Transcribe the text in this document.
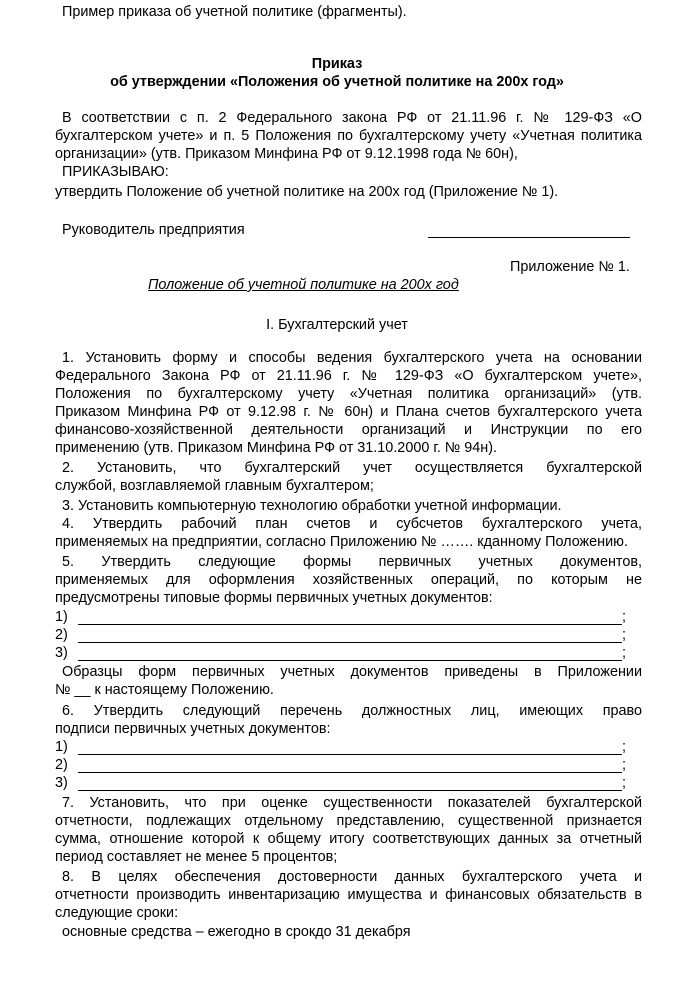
Пример приказа об учетной политике (фрагменты).
Приказ
об утверждении «Положения об учетной политике на 200х год»
В соответствии с п. 2 Федерального закона РФ от 21.11.96 г. № 129-ФЗ «О
бухгалтерском учете» и п. 5 Положения по бухгалтерскому учету «Учетная политика
организации» (утв. Приказом Минфина РФ от 9.12.1998 года № 60н),
ПРИКАЗЫВАЮ:
утвердить Положение об учетной политике на 200х год (Приложение № 1).
Руководитель предприятия
Приложение № 1.
Положение об учетной политике на 200х год
I. Бухгалтерский учет
1. Установить форму и способы ведения бухгалтерского учета на основании
Федерального Закона РФ от 21.11.96 г. № 129-ФЗ «О бухгалтерском учете»,
Положения по бухгалтерскому учету «Учетная политика организаций» (утв.
Приказом Минфина РФ от 9.12.98 г. № 60н) и Плана счетов бухгалтерского учета
финансово-хозяйственной деятельности организаций и Инструкции по его
применению (утв. Приказом Минфина РФ от 31.10.2000 г. № 94н).
2. Установить, что бухгалтерский учет осуществляется бухгалтерской
службой, возглавляемой главным бухгалтером;
3. Установить компьютерную технологию обработки учетной информации.
4. Утвердить рабочий план счетов и субсчетов бухгалтерского учета,
применяемых на предприятии, согласно Приложению № ……. кданному Положению.
5. Утвердить следующие формы первичных учетных документов,
применяемых для оформления хозяйственных операций, по которым не
предусмотрены типовые формы первичных учетных документов:
1)	;
2)	;
3)	;
Образцы форм первичных учетных документов приведены в Приложении
№ __ к настоящему Положению.
6. Утвердить следующий перечень должностных лиц, имеющих право
подписи первичных учетных документов:
1)	;
2)	;
3)	;
7. Установить, что при оценке существенности показателей бухгалтерской
отчетности, подлежащих отдельному представлению, существенной признается
сумма, отношение которой к общему итогу соответствующих данных за отчетный
период составляет не менее 5 процентов;
8. В целях обеспечения достоверности данных бухгалтерского учета и
отчетности производить инвентаризацию имущества и финансовых обязательств в
следующие сроки:
основные средства – ежегодно в срокдо 31 декабря
